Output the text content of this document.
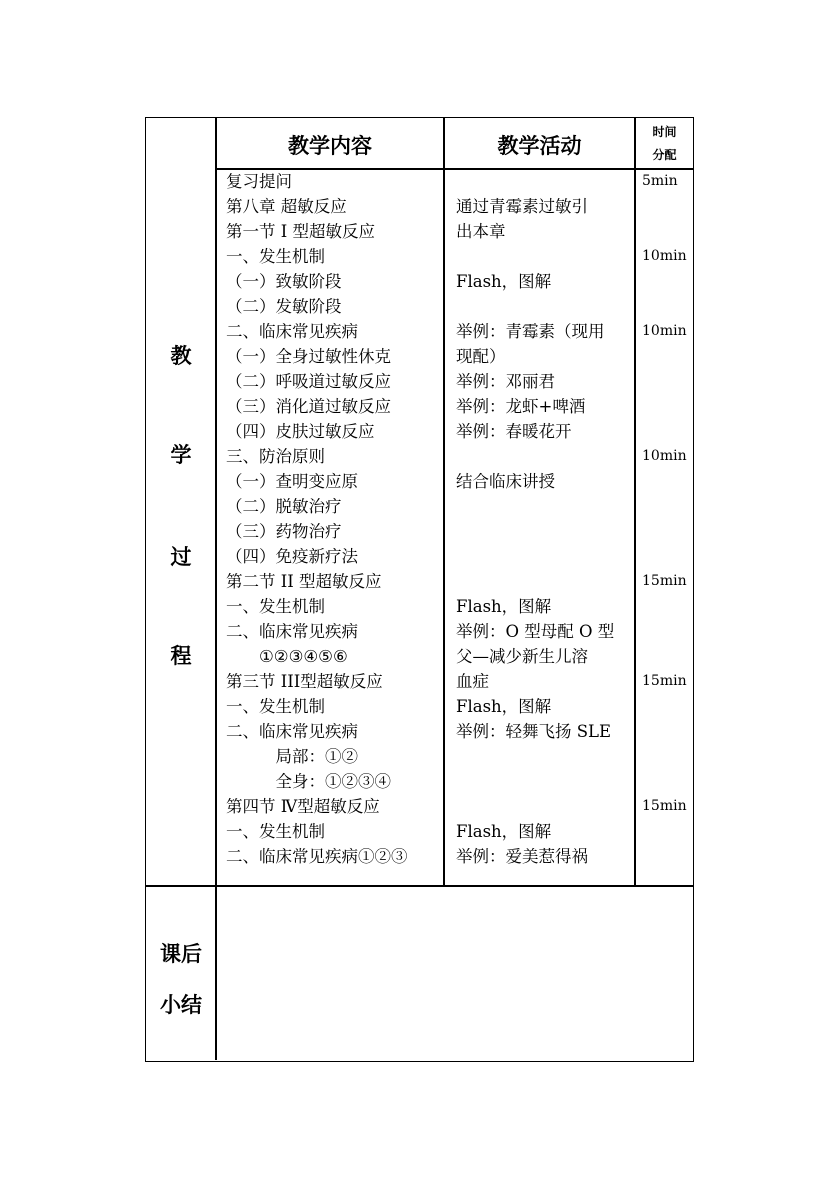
教学内容	教学活动
时间
分配
教
学
过
程
课后
小结
复习提问
第八章 超敏反应
第一节 I 型超敏反应
一、发生机制
（一）致敏阶段
（二）发敏阶段
二、临床常见疾病
（一）全身过敏性休克
（二）呼吸道过敏反应
（三）消化道过敏反应
（四）皮肤过敏反应
三、防治原则
（一）查明变应原
（二）脱敏治疗
（三）药物治疗
（四）免疫新疗法
第二节 II 型超敏反应
一、发生机制
二、临床常见疾病
①②③④⑤⑥
第三节 III型超敏反应
一、发生机制
二、临床常见疾病
局部：①②
全身：①②③④
第四节 Ⅳ型超敏反应
一、发生机制
二、临床常见疾病①②③
通过青霉素过敏引
出本章
Flash，图解
举例：青霉素（现用
现配）
举例：邓丽君
举例：龙虾+啤酒
举例：春暖花开
结合临床讲授
Flash，图解
举例：O 型母配 O 型
父—减少新生儿溶
血症
Flash，图解
举例：轻舞飞扬 SLE
Flash，图解
举例：爱美惹得祸
5min
10min
10min
10min
15min
15min
15min
